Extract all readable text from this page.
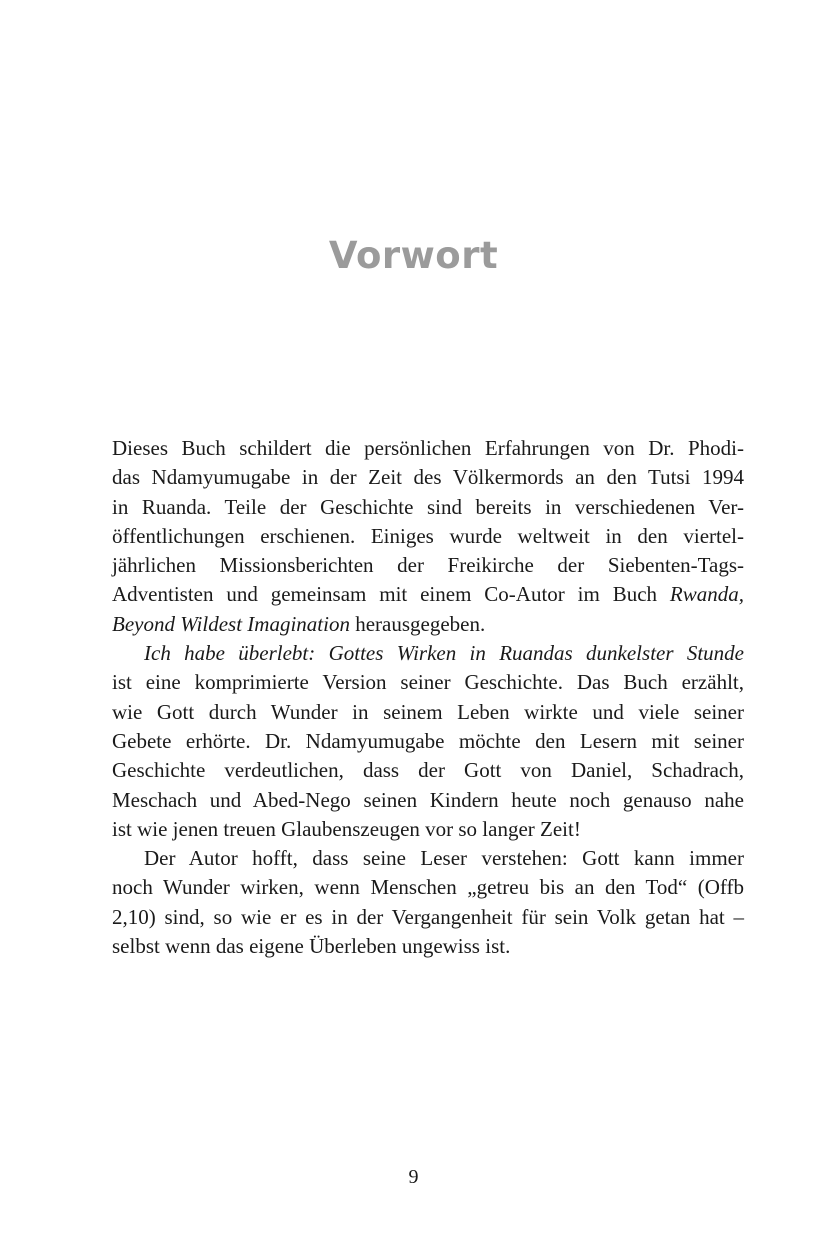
Vorwort

Dieses Buch schildert die persönlichen Erfahrungen von Dr. Phodi-
das Ndamyumugabe in der Zeit des Völkermords an den Tutsi 1994
in Ruanda. Teile der Geschichte sind bereits in verschiedenen Ver-
öffentlichungen erschienen. Einiges wurde weltweit in den viertel-
jährlichen Missionsberichten der Freikirche der Siebenten-Tags-
Adventisten und gemeinsam mit einem Co-Autor im Buch Rwanda,
Beyond Wildest Imagination herausgegeben.

Ich habe überlebt: Gottes Wirken in Ruandas dunkelster Stunde
ist eine komprimierte Version seiner Geschichte. Das Buch erzählt,
wie Gott durch Wunder in seinem Leben wirkte und viele seiner
Gebete erhörte. Dr. Ndamyumugabe möchte den Lesern mit seiner
Geschichte verdeutlichen, dass der Gott von Daniel, Schadrach,
Meschach und Abed-Nego seinen Kindern heute noch genauso nahe
ist wie jenen treuen Glaubenszeugen vor so langer Zeit!

Der Autor hofft, dass seine Leser verstehen: Gott kann immer
noch Wunder wirken, wenn Menschen „getreu bis an den Tod“ (Offb
2,10) sind, so wie er es in der Vergangenheit für sein Volk getan hat –
selbst wenn das eigene Überleben ungewiss ist.

9
